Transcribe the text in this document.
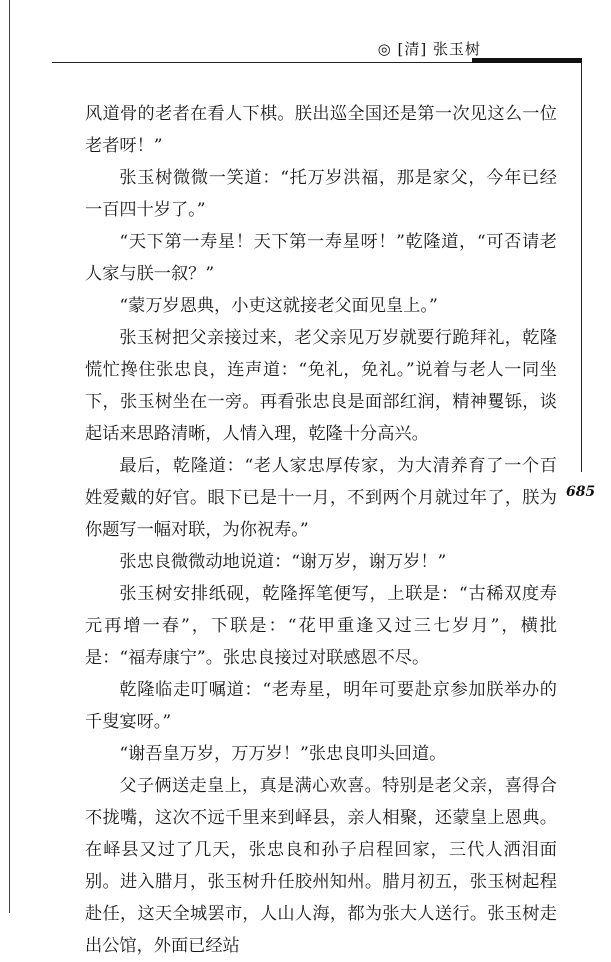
◎ [清] 张玉树
685

风道骨的老者在看人下棋。朕出巡全国还是第一次见这么一位老者呀！”

张玉树微微一笑道：“托万岁洪福，那是家父，今年已经一百四十岁了。”

“天下第一寿星！天下第一寿星呀！”乾隆道，“可否请老人家与朕一叙？”

“蒙万岁恩典，小吏这就接老父面见皇上。”

张玉树把父亲接过来，老父亲见万岁就要行跪拜礼，乾隆慌忙搀住张忠良，连声道：“免礼，免礼。”说着与老人一同坐下，张玉树坐在一旁。再看张忠良是面部红润，精神矍铄，谈起话来思路清晰，人情入理，乾隆十分高兴。

最后，乾隆道：“老人家忠厚传家，为大清养育了一个百姓爱戴的好官。眼下已是十一月，不到两个月就过年了，朕为你题写一幅对联，为你祝寿。”

张忠良微微动地说道：“谢万岁，谢万岁！”

张玉树安排纸砚，乾隆挥笔便写，上联是：“古稀双度寿元再增一春”，下联是：“花甲重逢又过三七岁月”，横批是：“福寿康宁”。张忠良接过对联感恩不尽。

乾隆临走叮嘱道：“老寿星，明年可要赴京参加朕举办的千叟宴呀。”

“谢吾皇万岁，万万岁！”张忠良叩头回道。

父子俩送走皇上，真是满心欢喜。特别是老父亲，喜得合不拢嘴，这次不远千里来到峄县，亲人相聚，还蒙皇上恩典。在峄县又过了几天，张忠良和孙子启程回家，三代人洒泪面别。进入腊月，张玉树升任胶州知州。腊月初五，张玉树起程赴任，这天全城罢市，人山人海，都为张大人送行。张玉树走出公馆，外面已经站
